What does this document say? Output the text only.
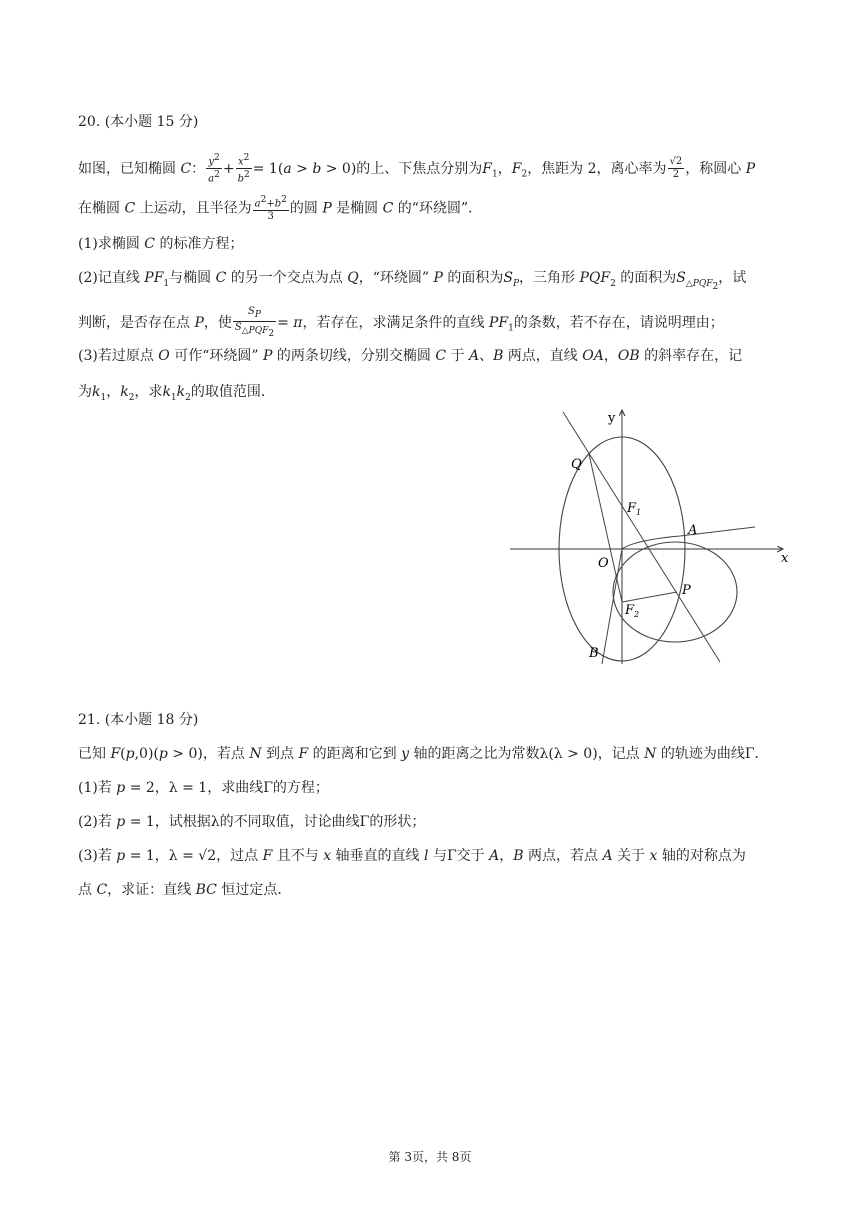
20. (本小题 15 分)
如图，已知椭圆 C： $\frac{y^2}{a^2} + \frac{x^2}{b^2} = 1(a > b > 0)$的上、下焦点分别为$F_1$，$F_2$，焦距为 2，离心率为 $\frac{√2}{2}$ ，称圆心 P
在椭圆 C 上运动，且半径为 $\frac{a^2+b^2}{3}$ 的圆 P 是椭圆 C 的“环绕圆”．
(1)求椭圆 C 的标准方程；
(2)记直线 $PF_1$与椭圆 C 的另一个交点为点 Q，“环绕圆” P 的面积为$S_P$，三角形 $PQF_2$ 的面积为$S_{\triangle PQF_2}$，试
判断，是否存在点 P，使 $\frac{S_P}{S_{\triangle PQF_2}} = \pi$，若存在，求满足条件的直线 $PF_1$的条数，若不存在，请说明理由；
(3)若过原点 O 可作“环绕圆” P 的两条切线，分别交椭圆 C 于 A、B 两点，直线 OA，OB 的斜率存在，记
为$k_1$，$k_2$，求$k_1k_2$的取值范围．
y
x
Q
$F_1$
A
O
P
$F_2$
B
21. (本小题 18 分)
已知 F(p,0)(p > 0)，若点 N 到点 F 的距离和它到 y 轴的距离之比为常数λ(λ > 0)，记点 N 的轨迹为曲线Γ．
(1)若 p = 2，λ = 1，求曲线Γ的方程；
(2)若 p = 1，试根据λ的不同取值，讨论曲线Γ的形状；
(3)若 p = 1，λ = √2，过点 F 且不与 x 轴垂直的直线 l 与Γ交于 A，B 两点，若点 A 关于 x 轴的对称点为
点 C，求证：直线 BC 恒过定点．
第 3页，共 8页
